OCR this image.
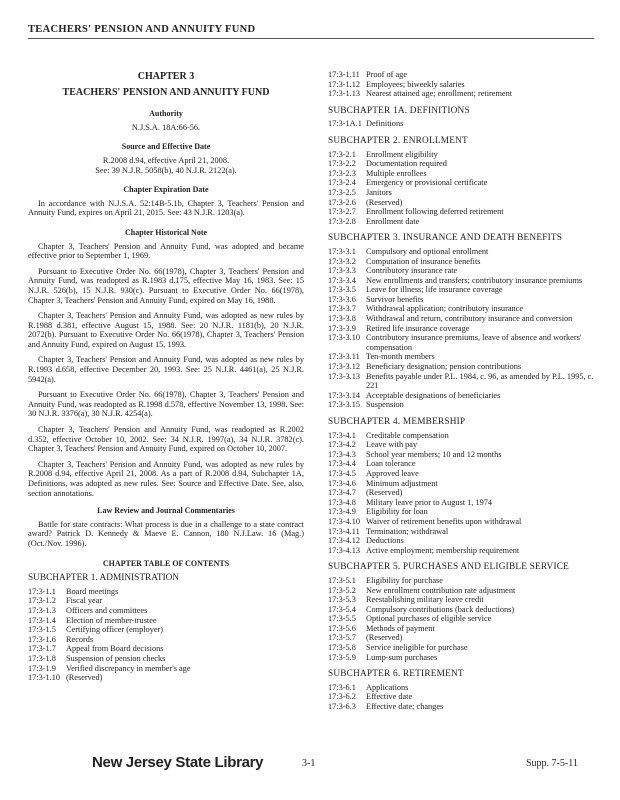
TEACHERS' PENSION AND ANNUITY FUND
CHAPTER 3
TEACHERS' PENSION AND ANNUITY FUND
Authority
N.J.S.A. 18A:66-56.
Source and Effective Date
R.2008 d.94, effective April 21, 2008.
See: 39 N.J.R. 5058(b), 40 N.J.R. 2122(a).
Chapter Expiration Date
In accordance with N.J.S.A. 52:14B-5.1b, Chapter 3, Teachers' Pension and Annuity Fund, expires on April 21, 2015. See: 43 N.J.R. 1203(a).
Chapter Historical Note
Chapter 3, Teachers' Pension and Annuity Fund, was adopted and became effective prior to September 1, 1969.
Pursuant to Executive Order No. 66(1978), Chapter 3, Teachers' Pension and Annuity Fund, was readopted as R.1983 d.175, effective May 16, 1983. See: 15 N.J.R. 526(b), 15 N.J.R. 930(c). Pursuant to Executive Order No. 66(1978), Chapter 3, Teachers' Pension and Annuity Fund, expired on May 16, 1988.
Chapter 3, Teachers' Pension and Annuity Fund, was adopted as new rules by R.1988 d.381, effective August 15, 1988. See: 20 N.J.R. 1181(b), 20 N.J.R. 2072(b). Pursuant to Executive Order No. 66(1978), Chapter 3, Teachers' Pension and Annuity Fund, expired on August 15, 1993.
Chapter 3, Teachers' Pension and Annuity Fund, was adopted as new rules by R.1993 d.658, effective December 20, 1993. See: 25 N.J.R. 4461(a), 25 N.J.R. 5942(a).
Pursuant to Executive Order No. 66(1978), Chapter 3, Teachers' Pension and Annuity Fund, was readopted as R.1998 d.578, effective November 13, 1998. See: 30 N.J.R. 3376(a), 30 N.J.R. 4254(a).
Chapter 3, Teachers' Pension and Annuity Fund, was readopted as R.2002 d.352, effective October 10, 2002. See: 34 N.J.R. 1997(a), 34 N.J.R. 3782(c). Chapter 3, Teachers' Pension and Annuity Fund, expired on October 10, 2007.
Chapter 3, Teachers' Pension and Annuity Fund, was adopted as new rules by R.2008 d.94, effective April 21, 2008. As a part of R.2008 d.94, Subchapter 1A, Definitions, was adopted as new rules. See: Source and Effective Date. See, also, section annotations.
Law Review and Journal Commentaries
Battle for state contracts: What process is due in a challenge to a state contract award? Patrick D. Kennedy & Maeve E. Cannon, 180 N.J.Law. 16 (Mag.) (Oct./Nov. 1996).
CHAPTER TABLE OF CONTENTS
SUBCHAPTER 1. ADMINISTRATION
17:3-1.1	Board meetings
17:3-1.2	Fiscal year
17:3-1.3	Officers and committees
17:3-1.4	Election of member-trustee
17:3-1.5	Certifying officer (employer)
17:3-1.6	Records
17:3-1.7	Appeal from Board decisions
17:3-1.8	Suspension of pension checks
17:3-1.9	Verified discrepancy in member's age
17:3-1.10 (Reserved)
17:3-1.11 Proof of age
17:3-1.12 Employees; biweekly salaries
17:3-1.13 Nearest attained age; enrollment; retirement
SUBCHAPTER 1A. DEFINITIONS
17:3-1A.1 Definitions
SUBCHAPTER 2. ENROLLMENT
17:3-2.1	Enrollment eligibility
17:3-2.2	Documentation required
17:3-2.3	Multiple enrollees
17:3-2.4	Emergency or provisional certificate
17:3-2.5	Janitors
17:3-2.6	(Reserved)
17:3-2.7	Enrollment following deferred retirement
17:3-2.8	Enrollment date
SUBCHAPTER 3. INSURANCE AND DEATH BENEFITS
17:3-3.1	Compulsory and optional enrollment
17:3-3.2	Computation of insurance benefits
17:3-3.3	Contributory insurance rate
17:3-3.4	New enrollments and transfers; contributory insurance premiums
17:3-3.5	Leave for illness; life insurance coverage
17:3-3.6	Survivor benefits
17:3-3.7	Withdrawal application; contributory insurance
17:3-3.8	Withdrawal and return, contributory insurance and conversion
17:3-3.9	Retired life insurance coverage
17:3-3.10 Contributory insurance premiums, leave of absence and workers' compensation
17:3-3.11 Ten-month members
17:3-3.12 Beneficiary designation; pension contributions
17:3-3.13 Benefits payable under P.L. 1984, c. 96, as amended by P.L. 1995, c. 221
17:3-3.14 Acceptable designations of beneficiaries
17:3-3.15 Suspension
SUBCHAPTER 4. MEMBERSHIP
17:3-4.1	Creditable compensation
17:3-4.2	Leave with pay
17:3-4.3	School year members; 10 and 12 months
17:3-4.4	Loan tolerance
17:3-4.5	Approved leave
17:3-4.6	Minimum adjustment
17:3-4.7	(Reserved)
17:3-4.8	Military leave prior to August 1, 1974
17:3-4.9	Eligibility for loan
17:3-4.10 Waiver of retirement benefits upon withdrawal
17:3-4.11 Termination; withdrawal
17:3-4.12 Deductions
17:3-4.13 Active employment; membership requirement
SUBCHAPTER 5. PURCHASES AND ELIGIBLE SERVICE
17:3-5.1	Eligibility for purchase
17:3-5.2	New enrollment contribution rate adjustment
17:3-5.3	Reestablishing military leave credit
17:3-5.4	Compulsory contributions (back deductions)
17:3-5.5	Optional purchases of eligible service
17:3-5.6	Methods of payment
17:3-5.7	(Reserved)
17:3-5.8	Service ineligible for purchase
17:3-5.9	Lump-sum purchases
SUBCHAPTER 6. RETIREMENT
17:3-6.1	Applications
17:3-6.2	Effective date
17:3-6.3	Effective date; changes
New Jersey State Library	3-1	Supp. 7-5-11
